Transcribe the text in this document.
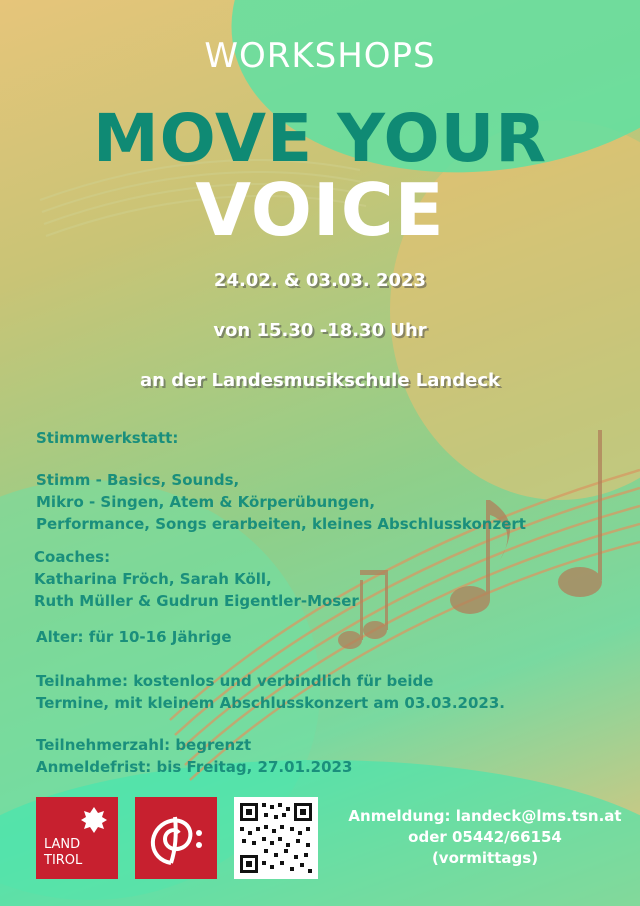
WORKSHOPS

MOVE YOUR

VOICE

24.02. & 03.03. 2023

von 15.30 -18.30 Uhr

an der Landesmusikschule Landeck

Stimmwerkstatt:

Stimm - Basics, Sounds,
Mikro - Singen, Atem & Körperübungen,
Performance, Songs erarbeiten, kleines Abschlusskonzert

Coaches:
Katharina Fröch, Sarah Köll,
Ruth Müller & Gudrun Eigentler-Moser

Alter: für 10-16 Jährige

Teilnahme: kostenlos und verbindlich für beide
Termine, mit kleinem Abschlusskonzert am 03.03.2023.

Teilnehmerzahl: begrenzt
Anmeldefrist: bis Freitag, 27.01.2023

LAND
TIROL

Anmeldung: landeck@lms.tsn.at
oder 05442/66154
(vormittags)
